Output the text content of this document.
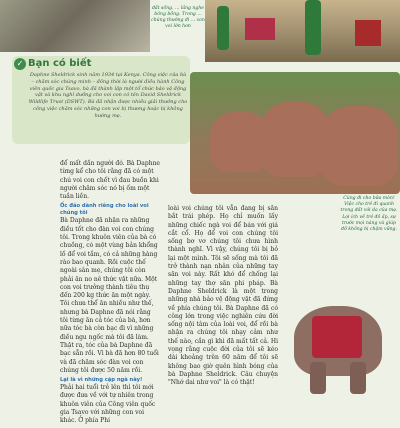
đất sống. ... lắng nghe bông bồng. Trong ... chúng thường đi ... con voi lớn hơn
✓ Bạn có biết
Daphne Sheldrick sinh năm 1934 tại Kenya. Công việc của bà – chăm sóc chúng minh – đồng thời là người điều hành Công viên quốc gia Tsavo, bà đã thành lập một tổ chức bảo vệ động vật và khu nghỉ dưỡng cho voi con có tên David Sheldrick Wildlife Trust (DSWT). Bà đã nhận được nhiều giải thưởng cho công việc chăm sóc những con voi bị thương hoặc bị không hướng mẹ.
Cùng đi cho bữa mòn! Việc cho trẻ đi quanh trong đất với da của mẹ. Lợi ích về trẻ đồ ấp, sự trước mọi nàng và giúp đỡ không bị chậm vững.

để mất dần người đó. Bà Daphne từng kể cho tôi rằng đã có một chú voi con chết vì đau buồn khi người chăm sóc nó bị ốm một tuần liền.

Ốc đảo dành riêng cho loài voi chúng tôi

Bà Daphne đã nhận ra những điều tốt cho đàn voi con chúng tôi. Trong khuôn viên của bà có chuồng, có một vùng bản khổng lồ để voi tắm, có cả những hàng rào bao quanh. Rồi cuộc thế ngoài sân mẹ, chúng tôi còn phải ăn no nê thức vật nữa. Một con voi trưởng thành tiêu thụ đến 200 kg thức ăn một ngày. Tôi chưa thể ăn nhiều như thế, nhưng bà Daphne đã nói rằng tôi từng ăn cả tóc của bà, hơn nữa tóc bà còn bạc đi vì những điều ngu ngốc mà tôi đã làm. Thật ra, tóc của bà Daphne đã bạc sẵn rồi. Vì bà đã hơn 80 tuổi và đã chăm sóc đàn voi con chúng tôi được 50 năm rồi.

Lại là vì những cặp ngà này!

Phải hai tuổi trẻ lên thì tôi mới được đưa về với tự nhiên trong khuôn viên của Công viên quốc gia Tsavo với những con voi khác. Ở phía Phi

loài voi chúng tôi vẫn đang bị săn bắt trái phép. Họ chỉ muốn lấy những chiếc ngà voi để bán với giá cắt cổ. Họ để voi con chúng tôi sống bơ vơ chúng tôi chưa hình thành nghĩ. Vì vậy, chúng tôi bị bỏ lại một mình. Tôi sẽ sống mà tôi đã trở thành nạn nhân của những tay săn voi này. Rất khó để chống lại những tay thợ săn phi pháp. Bà Daphne Sheldrick là một trong những nhà bảo vệ động vật đã đứng về phía chúng tôi. Bà Daphne đã có công lớn trong việc nghiên cứu đời sống nội tâm của loài voi, để rồi bà nhận ra chúng tôi nhạy cảm như thế nào, cần gì khi đã mất tất cả. Hi vọng rằng cuộc đời của tôi sẽ kéo dài khoảng trên 60 năm để tôi sẽ không bao giờ quên hình bóng của bà Daphne Sheldrick. Câu chuyện "Nhớ dai như voi" là có thật!
